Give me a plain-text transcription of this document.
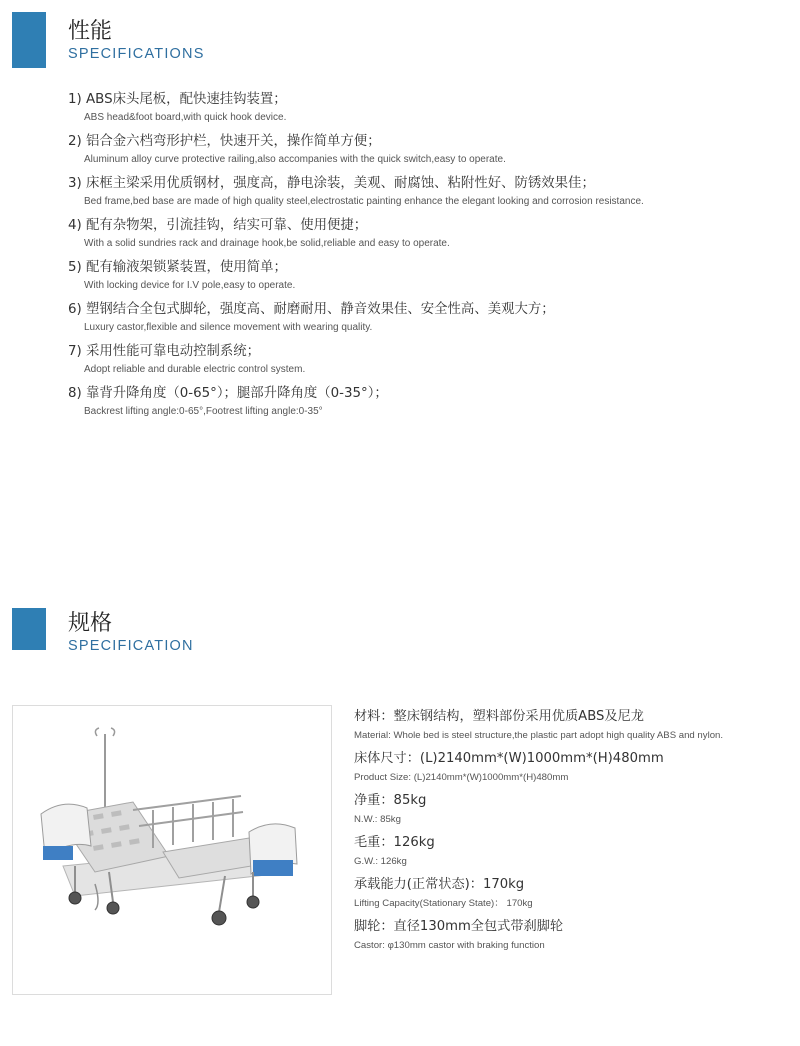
性能
SPECIFICATIONS
1) ABS床头尾板，配快速挂钩装置；
ABS head&foot board,with quick hook device.
2) 铝合金六档弯形护栏，快速开关，操作简单方便；
Aluminum alloy curve protective railing,also accompanies with the quick switch,easy to operate.
3) 床框主梁采用优质钢材，强度高，静电涂装，美观、耐腐蚀、粘附性好、防锈效果佳；
Bed frame,bed base are made of high quality steel,electrostatic painting enhance the elegant looking and corrosion resistance.
4) 配有杂物架，引流挂钩，结实可靠、使用便捷；
With a solid sundries rack and drainage hook,be solid,reliable and easy to operate.
5) 配有输液架锁紧装置，使用简单；
With locking device for I.V pole,easy to operate.
6) 塑钢结合全包式脚轮，强度高、耐磨耐用、静音效果佳、安全性高、美观大方；
Luxury castor,flexible and silence movement with wearing quality.
7) 采用性能可靠电动控制系统；
Adopt reliable and durable electric control system.
8) 靠背升降角度（0-65°）；腿部升降角度（0-35°）；
Backrest lifting angle:0-65°,Footrest lifting angle:0-35°
规格
SPECIFICATION
材料：整床钢结构，塑料部份采用优质ABS及尼龙
Material: Whole bed is steel structure,the plastic part adopt high quality ABS and nylon.
床体尺寸：(L)2140mm*(W)1000mm*(H)480mm
Product Size: (L)2140mm*(W)1000mm*(H)480mm
净重：85kg
N.W.: 85kg
毛重：126kg
G.W.: 126kg
承载能力(正常状态)：170kg
Lifting Capacity(Stationary State)： 170kg
脚轮：直径130mm全包式带刹脚轮
Castor: φ130mm castor with braking function
